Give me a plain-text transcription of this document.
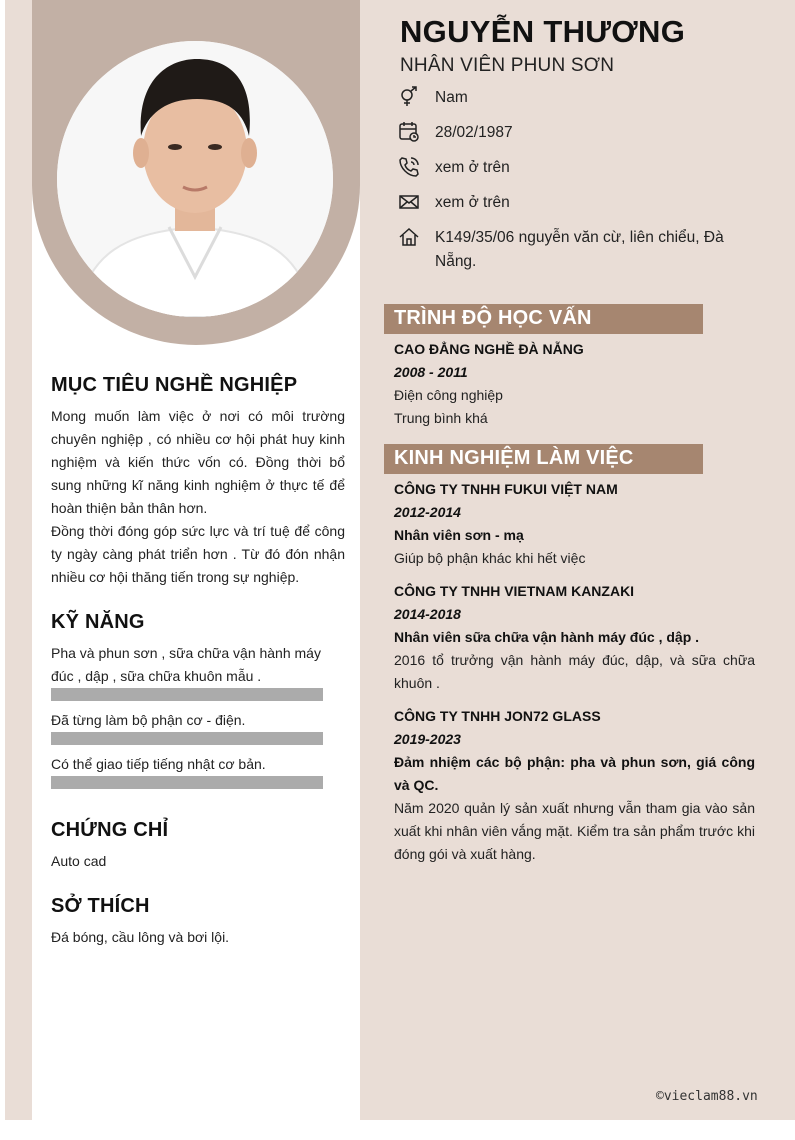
MỤC TIÊU NGHỀ NGHIỆP
Mong muốn làm việc ở nơi có môi trường chuyên nghiệp , có nhiều cơ hội phát huy kinh nghiệm và kiến thức vốn có. Đồng thời bổ sung những kĩ năng kinh nghiệm ở thực tế để hoàn thiện bản thân hơn.
Đồng thời đóng góp sức lực và trí tuệ để công ty ngày càng phát triển hơn . Từ đó đón nhận nhiều cơ hội thăng tiến trong sự nghiệp.
KỸ NĂNG
Pha và phun sơn , sữa chữa vận hành máy đúc , dập , sữa chữa khuôn mẫu .
Đã từng làm bộ phận cơ - điện.
Có thể giao tiếp tiếng nhật cơ bản.
CHỨNG CHỈ
Auto cad
SỞ THÍCH
Đá bóng, cầu lông và bơi lội.
NGUYỄN THƯƠNG
NHÂN VIÊN PHUN SƠN
Nam
28/02/1987
xem ở trên
xem ở trên
K149/35/06 nguyễn văn cừ, liên chiểu, Đà Nẵng.
TRÌNH ĐỘ HỌC VẤN
CAO ĐẲNG NGHỀ ĐÀ NẴNG
2008 - 2011
Điện công nghiệp
Trung bình khá
KINH NGHIỆM LÀM VIỆC
CÔNG TY TNHH FUKUI VIỆT NAM
2012-2014
Nhân viên sơn - mạ
Giúp bộ phận khác khi hết việc
CÔNG TY TNHH VIETNAM KANZAKI
2014-2018
Nhân viên sữa chữa vận hành máy đúc , dập .
2016 tổ trưởng vận hành máy đúc, dập, và sữa chữa khuôn .
CÔNG TY TNHH JON72 GLASS
2019-2023
Đảm nhiệm các bộ phận: pha và phun sơn, giá công và QC.
Năm 2020 quản lý sản xuất nhưng vẫn tham gia vào sản xuất khi nhân viên vắng mặt. Kiểm tra sản phẩm trước khi đóng gói và xuất hàng.
©vieclam88.vn
